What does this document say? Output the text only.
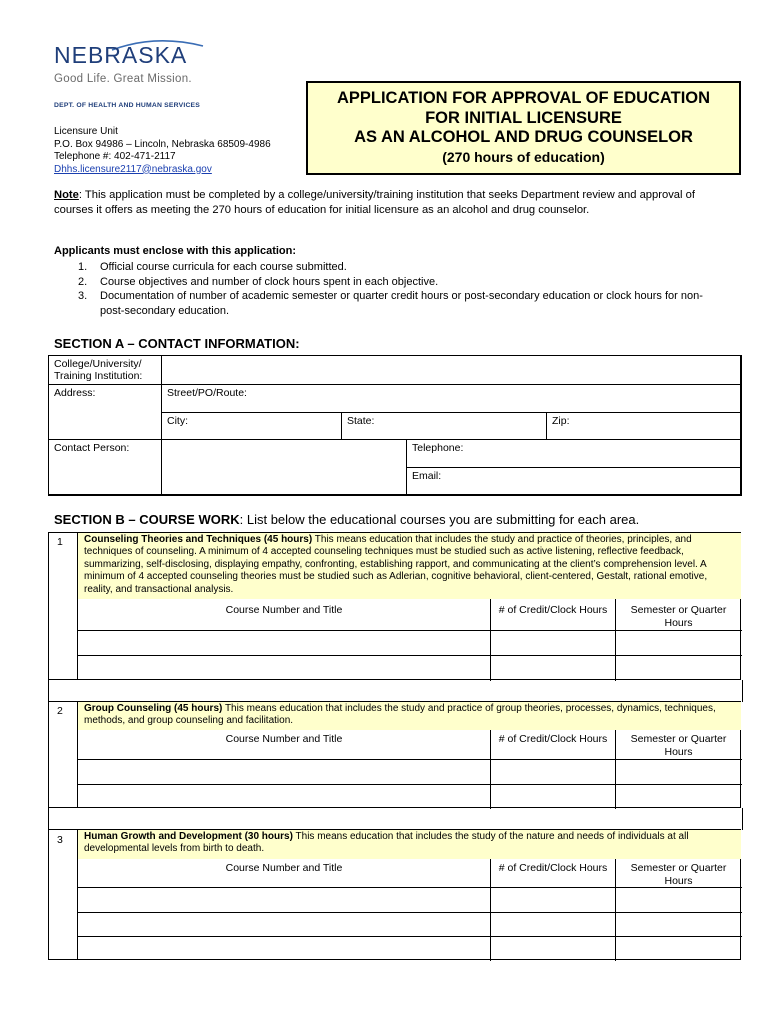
NEBRASKA
Good Life. Great Mission.
DEPT. OF HEALTH AND HUMAN SERVICES
Licensure Unit
P.O. Box 94986 – Lincoln, Nebraska 68509-4986
Telephone #: 402-471-2117
Dhhs.licensure2117@nebraska.gov
APPLICATION FOR APPROVAL OF EDUCATION
FOR INITIAL LICENSURE
AS AN ALCOHOL AND DRUG COUNSELOR
(270 hours of education)
Note: This application must be completed by a college/university/training institution that seeks Department review and approval of courses it offers as meeting the 270 hours of education for initial licensure as an alcohol and drug counselor.
Applicants must enclose with this application:
1. Official course curricula for each course submitted.
2. Course objectives and number of clock hours spent in each objective.
3. Documentation of number of academic semester or quarter credit hours or post-secondary education or clock hours for non-post-secondary education.
SECTION A – CONTACT INFORMATION:
College/University/ Training Institution:
Address:	Street/PO/Route:
City:	State:	Zip:
Contact Person:	Telephone:
Email:
SECTION B – COURSE WORK: List below the educational courses you are submitting for each area.
1	Counseling Theories and Techniques (45 hours) This means education that includes the study and practice of theories, principles, and techniques of counseling. A minimum of 4 accepted counseling techniques must be studied such as active listening, reflective feedback, summarizing, self-disclosing, displaying empathy, confronting, establishing rapport, and communicating at the client’s comprehension level. A minimum of 4 accepted counseling theories must be studied such as Adlerian, cognitive behavioral, client-centered, Gestalt, rational emotive, reality, and transactional analysis.
Course Number and Title	# of Credit/Clock Hours	Semester or Quarter Hours
2	Group Counseling (45 hours) This means education that includes the study and practice of group theories, processes, dynamics, techniques, methods, and group counseling and facilitation.
Course Number and Title	# of Credit/Clock Hours	Semester or Quarter Hours
3	Human Growth and Development (30 hours) This means education that includes the study of the nature and needs of individuals at all developmental levels from birth to death.
Course Number and Title	# of Credit/Clock Hours	Semester or Quarter Hours
